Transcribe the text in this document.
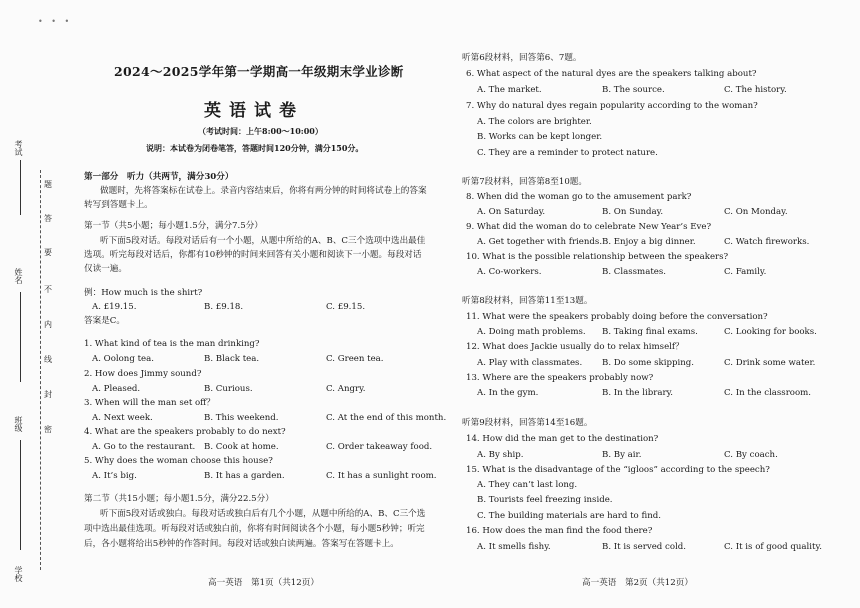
• • •
考试
姓名
班级
学校
题
答
要
不
内
线
封
密
2024～2025学年第一学期高一年级期末学业诊断
英语试卷
（考试时间：上午8:00～10:00）
说明：本试卷为闭卷笔答，答题时间120分钟，满分150分。
第一部分　听力（共两节，满分30分）
做题时，先将答案标在试卷上。录音内容结束后，你将有两分钟的时间将试卷上的答案
转写到答题卡上。
第一节（共5小题；每小题1.5分，满分7.5分）
听下面5段对话。每段对话后有一个小题，从题中所给的A、B、C三个选项中选出最佳
选项。听完每段对话后，你都有10秒钟的时间来回答有关小题和阅读下一小题。每段对话
仅读一遍。
例：How much is the shirt?
A. £19.15.	B. £9.18.	C. £9.15.
答案是C。
1. What kind of tea is the man drinking?
A. Oolong tea.	B. Black tea.	C. Green tea.
2. How does Jimmy sound?
A. Pleased.	B. Curious.	C. Angry.
3. When will the man set off？
A. Next week.	B. This weekend.	C. At the end of this month.
4. What are the speakers probably to do next?
A. Go to the restaurant. B. Cook at home.	C. Order takeaway food.
5. Why does the woman choose this house?
A. It’s big.	B. It has a garden.	C. It has a sunlight room.
第二节（共15小题；每小题1.5分，满分22.5分）
听下面5段对话或独白。每段对话或独白后有几个小题，从题中所给的A、B、C三个选
项中选出最佳选项。听每段对话或独白前，你将有时间阅读各个小题，每小题5秒钟；听完
后，各小题将给出5秒钟的作答时间。每段对话或独白读两遍。答案写在答题卡上。
高一英语　第1页（共12页）
听第6段材料，回答第6、7题。
6. What aspect of the natural dyes are the speakers talking about?
A. The market.	B. The source.	C. The history.
7. Why do natural dyes regain popularity according to the woman?
A. The colors are brighter.
B. Works can be kept longer.
C. They are a reminder to protect nature.
听第7段材料，回答第8至10题。
8. When did the woman go to the amusement park?
A. On Saturday.	B. On Sunday.	C. On Monday.
9. What did the woman do to celebrate New Year’s Eve?
A. Get together with friends. B. Enjoy a big dinner.	C. Watch fireworks.
10. What is the possible relationship between the speakers?
A. Co-workers.	B. Classmates.	C. Family.
听第8段材料，回答第11至13题。
11. What were the speakers probably doing before the conversation?
A. Doing math problems. B. Taking final exams.	C. Looking for books.
12. What does Jackie usually do to relax himself？
A. Play with classmates. B. Do some skipping.	C. Drink some water.
13. Where are the speakers probably now?
A. In the gym.	B. In the library.	C. In the classroom.
听第9段材料，回答第14至16题。
14. How did the man get to the destination?
A. By ship.	B. By air.	C. By coach.
15. What is the disadvantage of the “igloos” according to the speech?
A. They can’t last long.
B. Tourists feel freezing inside.
C. The building materials are hard to find.
16. How does the man find the food there?
A. It smells fishy.	B. It is served cold.	C. It is of good quality.
高一英语　第2页（共12页）
